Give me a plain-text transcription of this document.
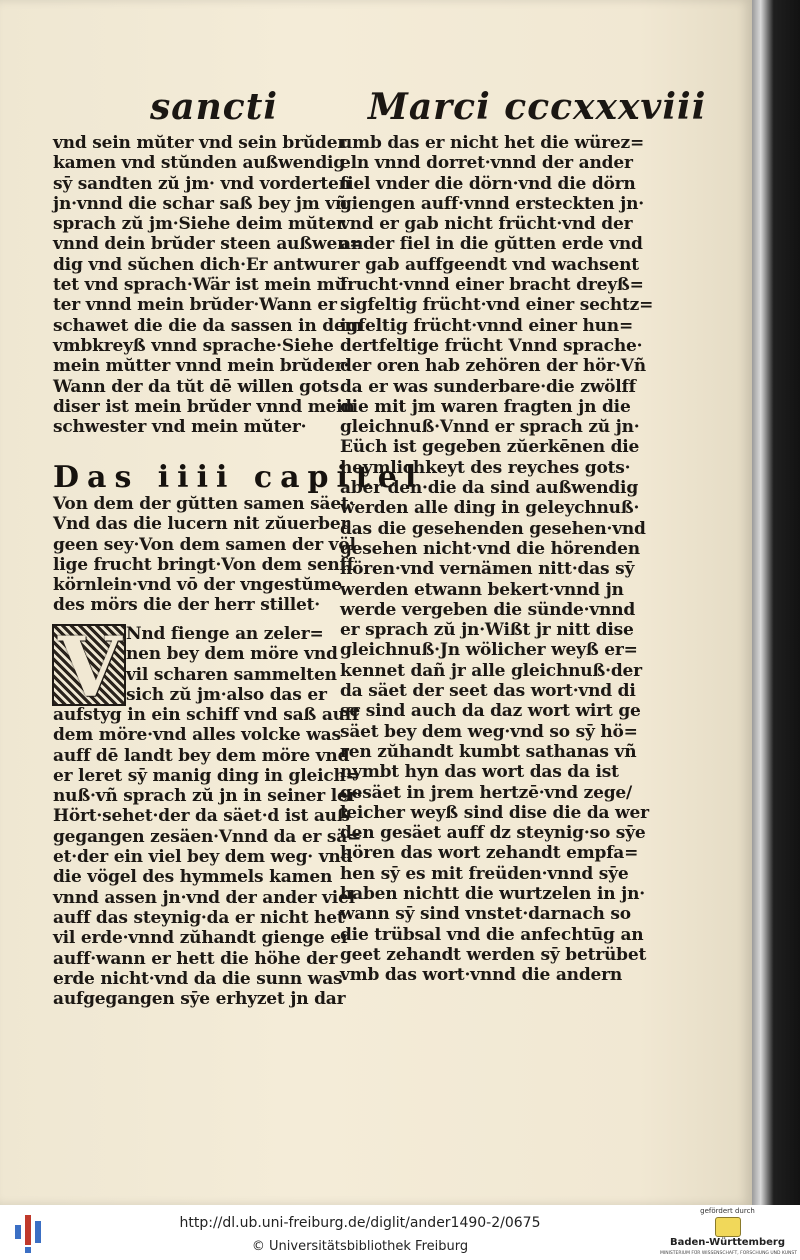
sancti	Marci cccxxxviii
vnd sein mŭter vnd sein brŭder
kamen vnd stŭnden außwendig
sȳ sandten zŭ jm· vnd vorderten
jn·vnnd die schar saß bey jm vñ
sprach zŭ jm·Siehe deim mŭter
vnnd dein brŭder steen außwen=
dig vnd sŭchen dich·Er antwur
tet vnd sprach·Wär ist mein mŭ
ter vnnd mein brŭder·Wann er
schawet die die da sassen in dem
vmbkreyß vnnd sprache·Siehe
mein mŭtter vnnd mein brŭder·
Wann der da tŭt dē willen gots
diser ist mein brŭder vnnd mein
schwester vnd mein mŭter·
Das iiii capitel
Von dem der gŭtten samen säet·
Vnd das die lucern nit zŭuerber
geen sey·Von dem samen der völ
lige frucht bringt·Von dem senff
körnlein·vnd vō der vngestŭme
des mörs die der herr stillet·
V Nnd fienge an zeler=
nen bey dem möre vnd
vil scharen sammelten
sich zŭ jm·also das er
aufstyg in ein schiff vnd saß auff
dem möre·vnd alles volcke was
auff dē landt bey dem möre vnd
er leret sȳ manig ding in gleich=
nuß·vñ sprach zŭ jn in seiner ler·
Hört·sehet·der da säet·d ist auß
gegangen zesäen·Vnnd da er sä=
et·der ein viel bey dem weg· vnd
die vögel des hymmels kamen
vnnd assen jn·vnd der ander viel
auff das steynig·da er nicht het
vil erde·vnnd zŭhandt gienge er
auff·wann er hett die höhe der
erde nicht·vnd da die sunn was
aufgegangen sȳe erhyzet jn dar
umb das er nicht het die würez=
eln vnnd dorret·vnnd der ander
fiel vnder die dörn·vnd die dörn
giengen auff·vnnd ersteckten jn·
vnd er gab nicht frücht·vnd der
ander fiel in die gŭtten erde vnd
er gab auffgeendt vnd wachsent
frucht·vnnd einer bracht dreyß=
sigfeltig frücht·vnd einer sechtz=
igfeltig frücht·vnnd einer hun=
dertfeltige frücht Vnnd sprache·
der oren hab zehören der hör·Vñ
da er was sunderbare·die zwölff
die mit jm waren fragten jn die
gleichnuß·Vnnd er sprach zŭ jn·
Eüch ist gegeben zŭerkēnen die
heymlichkeyt des reyches gots·
aber den·die da sind außwendig
werden alle ding in geleychnuß·
das die gesehenden gesehen·vnd
gesehen nicht·vnd die hörenden
hören·vnd vernämen nitt·das sȳ
werden etwann bekert·vnnd jn
werde vergeben die sünde·vnnd
er sprach zŭ jn·Wißt jr nitt dise
gleichnuß·Jn wölicher weyß er=
kennet dañ jr alle gleichnuß·der
da säet der seet das wort·vnd di
se sind auch da daz wort wirt ge
säet bey dem weg·vnd so sȳ hö=
ren zŭhandt kumbt sathanas vñ
nymbt hyn das wort das da ist
gesäet in jrem hertzē·vnd zege/
leicher weyß sind dise die da wer
den gesäet auff dz steynig·so sȳe
hören das wort zehandt empfa=
hen sȳ es mit freüden·vnnd sȳe
haben nichtt die wurtzelen in jn·
wann sȳ sind vnstet·darnach so
die trübsal vnd die anfechtūg an
geet zehandt werden sȳ betrübet
vmb das wort·vnnd die andern
http://dl.ub.uni-freiburg.de/diglit/ander1490-2/0675
© Universitätsbibliothek Freiburg
gefördert durch
Baden-Württemberg
MINISTERIUM FÜR WISSENSCHAFT, FORSCHUNG UND KUNST
